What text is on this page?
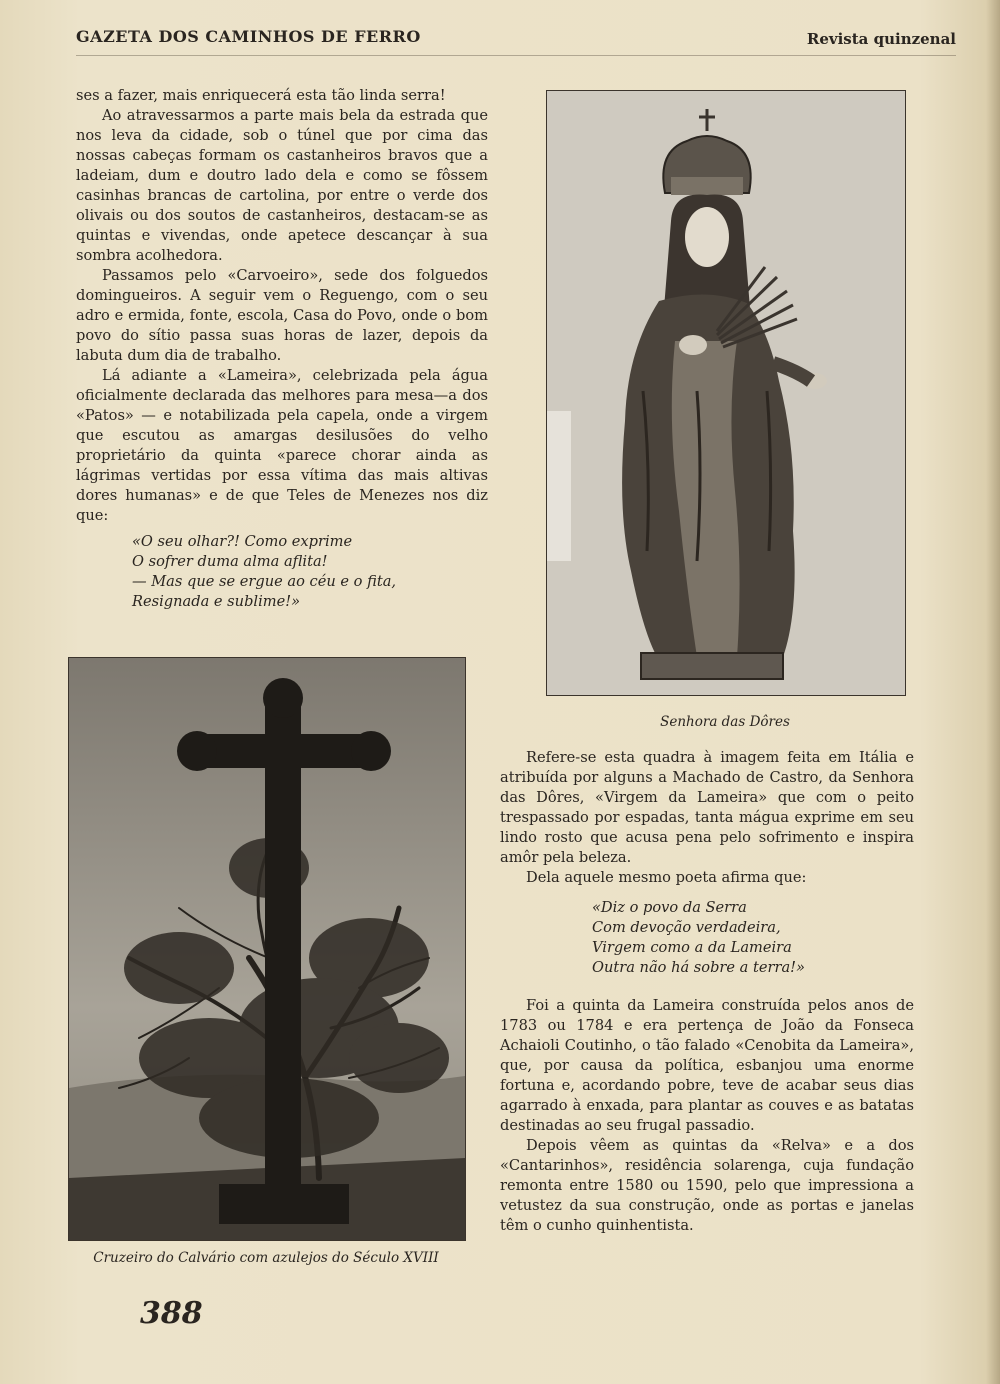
GAZETA DOS CAMINHOS DE FERRO	Revista quinzenal

ses a fazer, mais enriquecerá esta tão linda serra!

Ao atravessarmos a parte mais bela da estrada que nos leva da cidade, sob o túnel que por cima das nossas cabeças formam os castanheiros bravos que a ladeiam, dum e doutro lado dela e como se fôssem casinhas brancas de cartolina, por entre o verde dos olivais ou dos soutos de castanheiros, destacam-se as quintas e vivendas, onde apetece descançar à sua sombra acolhedora.

Passamos pelo «Carvoeiro», sede dos folguedos domingueiros. A seguir vem o Reguengo, com o seu adro e ermida, fonte, escola, Casa do Povo, onde o bom povo do sítio passa suas horas de lazer, depois da labuta dum dia de trabalho.

Lá adiante a «Lameira», celebrizada pela água oficialmente declarada das melhores para mesa—a dos «Patos» — e notabilizada pela capela, onde a virgem que escutou as amargas desilusões do velho proprietário da quinta «parece chorar ainda as lágrimas vertidas por essa vítima das mais altivas dores humanas» e de que Teles de Menezes nos diz que:

«O seu olhar?! Como exprime
O sofrer duma alma aflita!
— Mas que se ergue ao céu e o fita,
Resignada e sublime!»
Senhora das Dôres
Cruzeiro do Calvário com azulejos do Século XVIII

Refere-se esta quadra à imagem feita em Itália e atribuída por alguns a Machado de Castro, da Senhora das Dôres, «Virgem da Lameira» que com o peito trespassado por espadas, tanta mágua exprime em seu lindo rosto que acusa pena pelo sofrimento e inspira amôr pela beleza.

Dela aquele mesmo poeta afirma que:

«Diz o povo da Serra
Com devoção verdadeira,
Virgem como a da Lameira
Outra não há sobre a terra!»

Foi a quinta da Lameira construída pelos anos de 1783 ou 1784 e era pertença de João da Fonseca Achaioli Coutinho, o tão falado «Cenobita da Lameira», que, por causa da política, esbanjou uma enorme fortuna e, acordando pobre, teve de acabar seus dias agarrado à enxada, para plantar as couves e as batatas destinadas ao seu frugal passadio.

Depois vêem as quintas da «Relva» e a dos «Cantarinhos», residência solarenga, cuja fundação remonta entre 1580 ou 1590, pelo que impressiona a vetustez da sua construção, onde as portas e janelas têm o cunho quinhentista.

388
